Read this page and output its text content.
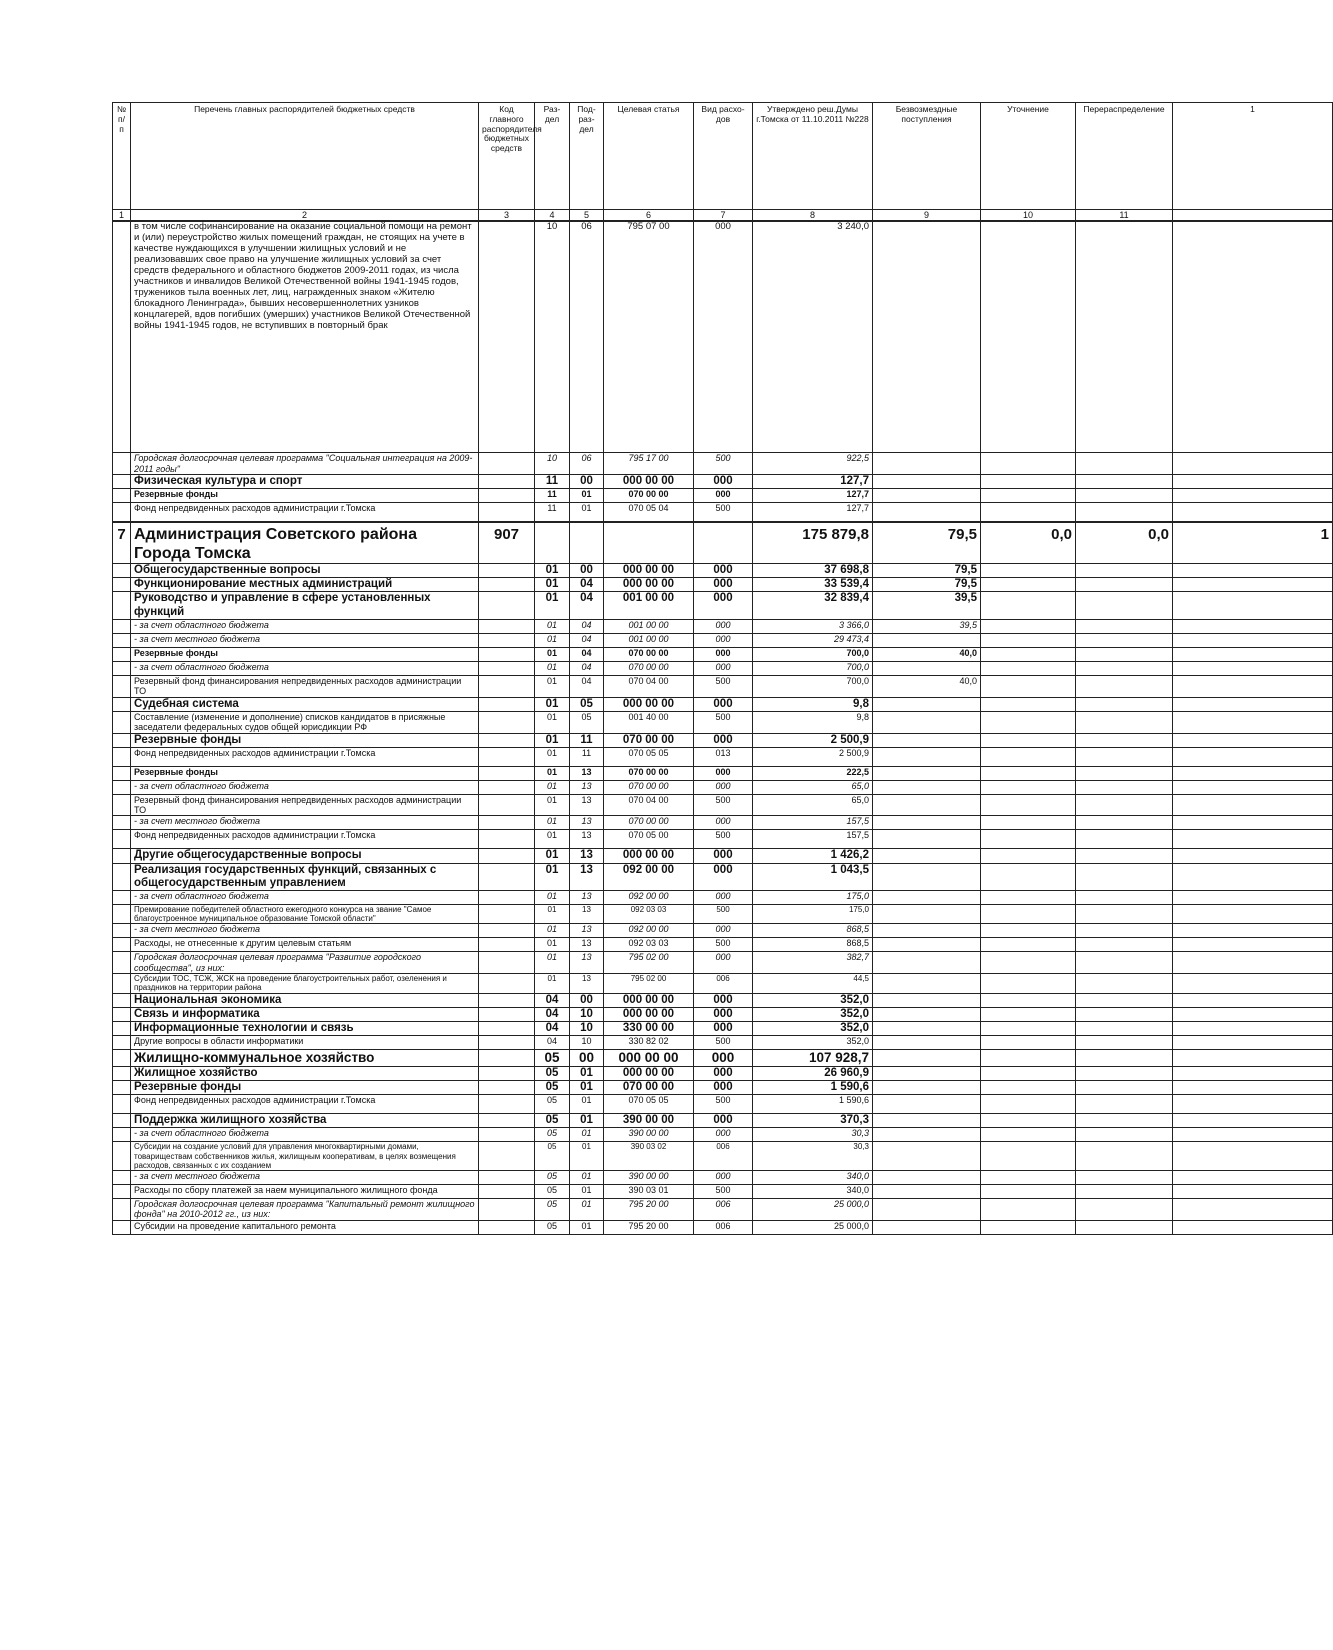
№ п/п	Перечень главных распорядителей бюджетных средств	Код главного распорядителя бюджетных средств	Раз- дел	Под- раз- дел	Целевая статья	Вид расхо- дов	Утверждено реш.Думы г.Томска от 11.10.2011 №228	Безвозмездные поступления	Уточнение	Перераспределение	1
1	2	3	4	5	6	7	8	9	10	11	
	в том числе софинансирование на оказание социальной помощи на ремонт и (или) переустройство жилых помещений граждан, не стоящих на учете в качестве нуждающихся в улучшении жилищных условий и не реализовавших свое право на улучшение жилищных условий за счет средств федерального и областного бюджетов 2009-2011 годах, из числа участников и инвалидов Великой Отечественной войны 1941-1945 годов, тружеников тыла военных лет, лиц, награжденных знаком «Жителю блокадного Ленинграда», бывших несовершеннолетних узников концлагерей, вдов погибших (умерших) участников Великой Отечественной войны 1941-1945 годов, не вступивших в повторный брак		10	06	795 07 00	000	3 240,0				
	Городская долгосрочная целевая программа "Социальная интеграция на 2009-2011 годы"		10	06	795 17 00	500	922,5				
	Физическая культура и спорт		11	00	000 00 00	000	127,7				
	Резервные фонды		11	01	070 00 00	000	127,7				
	Фонд непредвиденных расходов администрации г.Томска		11	01	070 05 04	500	127,7				
7	Администрация Советского района Города Томска	907					175 879,8	79,5	0,0	0,0	1
	Общегосударственные вопросы		01	00	000 00 00	000	37 698,8	79,5			
	Функционирование местных администраций		01	04	000 00 00	000	33 539,4	79,5			
	Руководство и управление в сфере установленных функций		01	04	001 00 00	000	32 839,4	39,5			
	- за счет областного бюджета		01	04	001 00 00	000	3 366,0	39,5			
	- за счет местного бюджета		01	04	001 00 00	000	29 473,4				
	Резервные фонды		01	04	070 00 00	000	700,0	40,0			
	- за счет областного бюджета		01	04	070 00 00	000	700,0				
	Резервный фонд финансирования непредвиденных расходов администрации ТО		01	04	070 04 00	500	700,0	40,0			
	Судебная система		01	05	000 00 00	000	9,8				
	Составление (изменение и дополнение) списков кандидатов в присяжные заседатели федеральных судов общей юрисдикции РФ		01	05	001 40 00	500	9,8				
	Резервные фонды		01	11	070 00 00	000	2 500,9				
	Фонд непредвиденных расходов администрации г.Томска		01	11	070 05 05	013	2 500,9				
	Резервные фонды		01	13	070 00 00	000	222,5				
	- за счет областного бюджета		01	13	070 00 00	000	65,0				
	Резервный фонд финансирования непредвиденных расходов администрации ТО		01	13	070 04 00	500	65,0				
	- за счет местного бюджета		01	13	070 00 00	000	157,5				
	Фонд непредвиденных расходов администрации г.Томска		01	13	070 05 00	500	157,5				
	Другие общегосударственные вопросы		01	13	000 00 00	000	1 426,2				
	Реализация государственных функций, связанных с общегосударственным управлением		01	13	092 00 00	000	1 043,5				
	- за счет областного бюджета		01	13	092 00 00	000	175,0				
	Премирование победителей областного ежегодного конкурса на звание "Самое благоустроенное муниципальное образование Томской области"		01	13	092 03 03	500	175,0				
	- за счет местного бюджета		01	13	092 00 00	000	868,5				
	Расходы, не отнесенные к другим целевым статьям		01	13	092 03 03	500	868,5				
	Городская долгосрочная целевая программа "Развитие городского сообщества", из них:		01	13	795 02 00	000	382,7				
	Субсидии ТОС, ТСЖ, ЖСК на проведение благоустроительных работ, озеленения и праздников на территории района		01	13	795 02 00	006	44,5				
	Национальная экономика		04	00	000 00 00	000	352,0				
	Связь и информатика		04	10	000 00 00	000	352,0				
	Информационные технологии и связь		04	10	330 00 00	000	352,0				
	Другие вопросы в области информатики		04	10	330 82 02	500	352,0				
	Жилищно-коммунальное хозяйство		05	00	000 00 00	000	107 928,7				
	Жилищное хозяйство		05	01	000 00 00	000	26 960,9				
	Резервные фонды		05	01	070 00 00	000	1 590,6				
	Фонд непредвиденных расходов администрации г.Томска		05	01	070 05 05	500	1 590,6				
	Поддержка жилищного хозяйства		05	01	390 00 00	000	370,3				
	- за счет областного бюджета		05	01	390 00 00	000	30,3				
	Субсидии на создание условий для управления многоквартирными домами, товариществам собственников жилья, жилищным кооперативам, в целях возмещения расходов, связанных с их созданием		05	01	390 03 02	006	30,3				
	- за счет местного бюджета		05	01	390 00 00	000	340,0				
	Расходы по сбору платежей за наем муниципального жилищного фонда		05	01	390 03 01	500	340,0				
	Городская долгосрочная целевая программа "Капитальный ремонт жилищного фонда" на 2010-2012 гг., из них:		05	01	795 20 00	006	25 000,0				
	Субсидии на проведение капитального ремонта		05	01	795 20 00	006	25 000,0				
